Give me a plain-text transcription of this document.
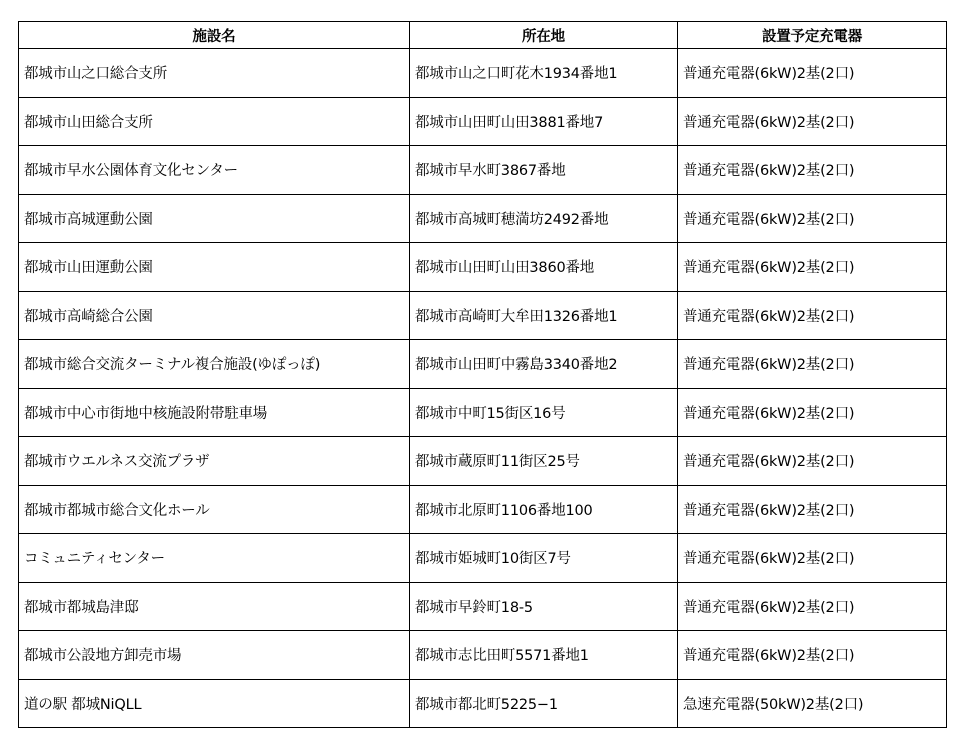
施設名	所在地	設置予定充電器
都城市山之口総合支所	都城市山之口町花木1934番地1	普通充電器(6kW)2基(2口)
都城市山田総合支所	都城市山田町山田3881番地7	普通充電器(6kW)2基(2口)
都城市早水公園体育文化センター	都城市早水町3867番地	普通充電器(6kW)2基(2口)
都城市高城運動公園	都城市高城町穂満坊2492番地	普通充電器(6kW)2基(2口)
都城市山田運動公園	都城市山田町山田3860番地	普通充電器(6kW)2基(2口)
都城市高崎総合公園	都城市高崎町大牟田1326番地1	普通充電器(6kW)2基(2口)
都城市総合交流ターミナル複合施設(ゆぽっぽ)	都城市山田町中霧島3340番地2	普通充電器(6kW)2基(2口)
都城市中心市街地中核施設附帯駐車場	都城市中町15街区16号	普通充電器(6kW)2基(2口)
都城市ウエルネス交流プラザ	都城市蔵原町11街区25号	普通充電器(6kW)2基(2口)
都城市都城市総合文化ホール	都城市北原町1106番地100	普通充電器(6kW)2基(2口)
コミュニティセンター	都城市姫城町10街区7号	普通充電器(6kW)2基(2口)
都城市都城島津邸	都城市早鈴町18-5	普通充電器(6kW)2基(2口)
都城市公設地方卸売市場	都城市志比田町5571番地1	普通充電器(6kW)2基(2口)
道の駅 都城NiQLL	都城市都北町5225−1	急速充電器(50kW)2基(2口)
